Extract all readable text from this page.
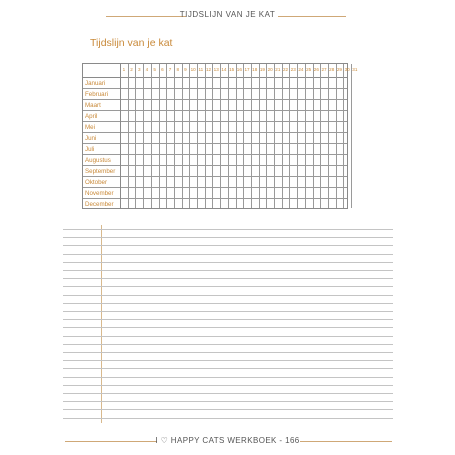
TIJDSLIJN VAN JE KAT
Tijdslijn van je kat
1	2	3	4	5	6	7	8	9 10 11 12 13 14 15 16 17 18 19 20 21 22 23 24 25 26 27 28 29 30 31
Januari
Februari
Maart
April
Mei
Juni
Juli
Augustus
September
Oktober
November
December
I ♡ HAPPY CATS WERKBOEK - 166
